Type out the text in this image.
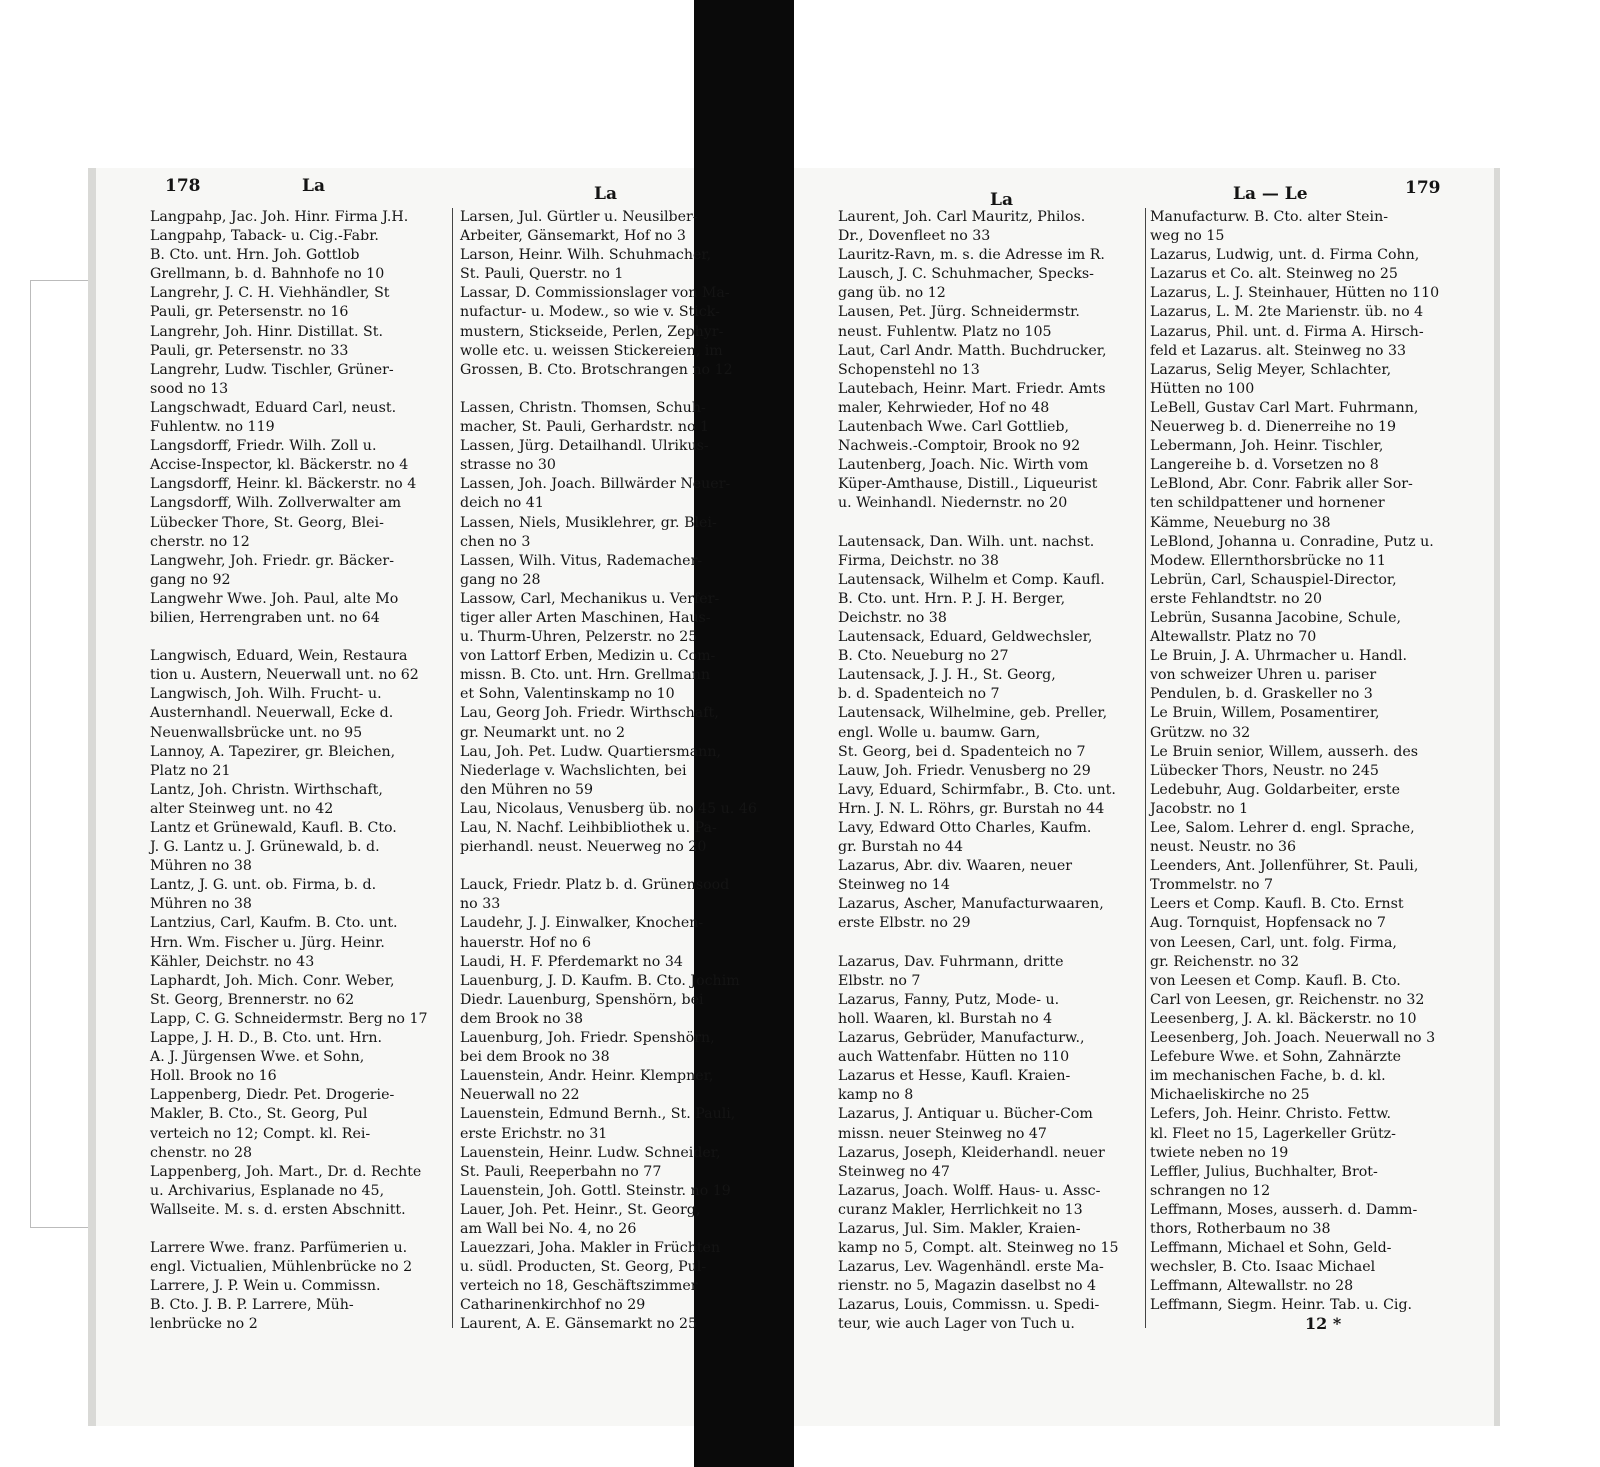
178	La	La	La	La — Le	179
Langpahp, Jac. Joh. Hinr. Firma J.H.
Langpahp, Taback- u. Cig.-Fabr.
B. Cto. unt. Hrn. Joh. Gottlob
Grellmann, b. d. Bahnhofe no 10
Langrehr, J. C. H. Viehhändler, St
Pauli, gr. Petersenstr. no 16
Langrehr, Joh. Hinr. Distillat. St.
Pauli, gr. Petersenstr. no 33
Langrehr, Ludw. Tischler, Grüner-
sood no 13
Langschwadt, Eduard Carl, neust.
Fuhlentw. no 119
Langsdorff, Friedr. Wilh. Zoll u.
Accise-Inspector, kl. Bäckerstr. no 4
Langsdorff, Heinr. kl. Bäckerstr. no 4
Langsdorff, Wilh. Zollverwalter am
Lübecker Thore, St. Georg, Blei-
cherstr. no 12
Langwehr, Joh. Friedr. gr. Bäcker-
gang no 92
Langwehr Wwe. Joh. Paul, alte Mo
bilien, Herrengraben unt. no 64

Langwisch, Eduard, Wein, Restaura
tion u. Austern, Neuerwall unt. no 62
Langwisch, Joh. Wilh. Frucht- u.
Austernhandl. Neuerwall, Ecke d.
Neuenwallsbrücke unt. no 95
Lannoy, A. Tapezirer, gr. Bleichen,
Platz no 21
Lantz, Joh. Christn. Wirthschaft,
alter Steinweg unt. no 42
Lantz et Grünewald, Kaufl. B. Cto.
J. G. Lantz u. J. Grünewald, b. d.
Mühren no 38
Lantz, J. G. unt. ob. Firma, b. d.
Mühren no 38
Lantzius, Carl, Kaufm. B. Cto. unt.
Hrn. Wm. Fischer u. Jürg. Heinr.
Kähler, Deichstr. no 43
Laphardt, Joh. Mich. Conr. Weber,
St. Georg, Brennerstr. no 62
Lapp, C. G. Schneidermstr. Berg no 17
Lappe, J. H. D., B. Cto. unt. Hrn.
A. J. Jürgensen Wwe. et Sohn,
Holl. Brook no 16
Lappenberg, Diedr. Pet. Drogerie-
Makler, B. Cto., St. Georg, Pul
verteich no 12; Compt. kl. Rei-
chenstr. no 28
Lappenberg, Joh. Mart., Dr. d. Rechte
u. Archivarius, Esplanade no 45,
Wallseite. M. s. d. ersten Abschnitt.

Larrere Wwe. franz. Parfümerien u.
engl. Victualien, Mühlenbrücke no 2
Larrere, J. P. Wein u. Commissn.
B. Cto. J. B. P. Larrere, Müh-
lenbrücke no 2
Larsen, Jul. Gürtler u. Neusilber-
Arbeiter, Gänsemarkt, Hof no 3
Larson, Heinr. Wilh. Schuhmacher,
St. Pauli, Querstr. no 1
Lassar, D. Commissionslager von Ma-
nufactur- u. Modew., so wie v. Stick-
mustern, Stickseide, Perlen, Zephyr-
wolle etc. u. weissen Stickereien, im
Grossen, B. Cto. Brotschrangen no 12

Lassen, Christn. Thomsen, Schuh-
macher, St. Pauli, Gerhardstr. no 1
Lassen, Jürg. Detailhandl. Ulrikus-
strasse no 30
Lassen, Joh. Joach. Billwärder Neuer-
deich no 41
Lassen, Niels, Musiklehrer, gr. Blei-
chen no 3
Lassen, Wilh. Vitus, Rademacher-
gang no 28
Lassow, Carl, Mechanikus u. Verfer-
tiger aller Arten Maschinen, Haus-
u. Thurm-Uhren, Pelzerstr. no 25
von Lattorf Erben, Medizin u. Com-
missn. B. Cto. unt. Hrn. Grellmann
et Sohn, Valentinskamp no 10
Lau, Georg Joh. Friedr. Wirthschaft,
gr. Neumarkt unt. no 2
Lau, Joh. Pet. Ludw. Quartiersmann,
Niederlage v. Wachslichten, bei
den Mühren no 59
Lau, Nicolaus, Venusberg üb. no 45 u. 46
Lau, N. Nachf. Leihbibliothek u. Pa-
pierhandl. neust. Neuerweg no 20

Lauck, Friedr. Platz b. d. Grünensood
no 33
Laudehr, J. J. Einwalker, Knochen-
hauerstr. Hof no 6
Laudi, H. F. Pferdemarkt no 34
Lauenburg, J. D. Kaufm. B. Cto. Jochim
Diedr. Lauenburg, Spenshörn, bei
dem Brook no 38
Lauenburg, Joh. Friedr. Spenshörn,
bei dem Brook no 38
Lauenstein, Andr. Heinr. Klempner,
Neuerwall no 22
Lauenstein, Edmund Bernh., St. Pauli,
erste Erichstr. no 31
Lauenstein, Heinr. Ludw. Schneider,
St. Pauli, Reeperbahn no 77
Lauenstein, Joh. Gottl. Steinstr. no 19
Lauer, Joh. Pet. Heinr., St. Georg,
am Wall bei No. 4, no 26
Lauezzari, Joha. Makler in Früchten
u. südl. Producten, St. Georg, Pul-
verteich no 18, Geschäftszimmer
Catharinenkirchhof no 29
Laurent, A. E. Gänsemarkt no 25
Laurent, Joh. Carl Mauritz, Philos.
Dr., Dovenfleet no 33
Lauritz-Ravn, m. s. die Adresse im R.
Lausch, J. C. Schuhmacher, Specks-
gang üb. no 12
Lausen, Pet. Jürg. Schneidermstr.
neust. Fuhlentw. Platz no 105
Laut, Carl Andr. Matth. Buchdrucker,
Schopenstehl no 13
Lautebach, Heinr. Mart. Friedr. Amts
maler, Kehrwieder, Hof no 48
Lautenbach Wwe. Carl Gottlieb,
Nachweis.-Comptoir, Brook no 92
Lautenberg, Joach. Nic. Wirth vom
Küper-Amthause, Distill., Liqueurist
u. Weinhandl. Niedernstr. no 20

Lautensack, Dan. Wilh. unt. nachst.
Firma, Deichstr. no 38
Lautensack, Wilhelm et Comp. Kaufl.
B. Cto. unt. Hrn. P. J. H. Berger,
Deichstr. no 38
Lautensack, Eduard, Geldwechsler,
B. Cto. Neueburg no 27
Lautensack, J. J. H., St. Georg,
b. d. Spadenteich no 7
Lautensack, Wilhelmine, geb. Preller,
engl. Wolle u. baumw. Garn,
St. Georg, bei d. Spadenteich no 7
Lauw, Joh. Friedr. Venusberg no 29
Lavy, Eduard, Schirmfabr., B. Cto. unt.
Hrn. J. N. L. Röhrs, gr. Burstah no 44
Lavy, Edward Otto Charles, Kaufm.
gr. Burstah no 44
Lazarus, Abr. div. Waaren, neuer
Steinweg no 14
Lazarus, Ascher, Manufacturwaaren,
erste Elbstr. no 29

Lazarus, Dav. Fuhrmann, dritte
Elbstr. no 7
Lazarus, Fanny, Putz, Mode- u.
holl. Waaren, kl. Burstah no 4
Lazarus, Gebrüder, Manufacturw.,
auch Wattenfabr. Hütten no 110
Lazarus et Hesse, Kaufl. Kraien-
kamp no 8
Lazarus, J. Antiquar u. Bücher-Com
missn. neuer Steinweg no 47
Lazarus, Joseph, Kleiderhandl. neuer
Steinweg no 47
Lazarus, Joach. Wolff. Haus- u. Assc-
curanz Makler, Herrlichkeit no 13
Lazarus, Jul. Sim. Makler, Kraien-
kamp no 5, Compt. alt. Steinweg no 15
Lazarus, Lev. Wagenhändl. erste Ma-
rienstr. no 5, Magazin daselbst no 4
Lazarus, Louis, Commissn. u. Spedi-
teur, wie auch Lager von Tuch u.
Manufacturw. B. Cto. alter Stein-
weg no 15
Lazarus, Ludwig, unt. d. Firma Cohn,
Lazarus et Co. alt. Steinweg no 25
Lazarus, L. J. Steinhauer, Hütten no 110
Lazarus, L. M. 2te Marienstr. üb. no 4
Lazarus, Phil. unt. d. Firma A. Hirsch-
feld et Lazarus. alt. Steinweg no 33
Lazarus, Selig Meyer, Schlachter,
Hütten no 100
LeBell, Gustav Carl Mart. Fuhrmann,
Neuerweg b. d. Dienerreihe no 19
Lebermann, Joh. Heinr. Tischler,
Langereihe b. d. Vorsetzen no 8
LeBlond, Abr. Conr. Fabrik aller Sor-
ten schildpattener und hornener
Kämme, Neueburg no 38
LeBlond, Johanna u. Conradine, Putz u.
Modew. Ellernthorsbrücke no 11
Lebrün, Carl, Schauspiel-Director,
erste Fehlandtstr. no 20
Lebrün, Susanna Jacobine, Schule,
Altewallstr. Platz no 70
Le Bruin, J. A. Uhrmacher u. Handl.
von schweizer Uhren u. pariser
Pendulen, b. d. Graskeller no 3
Le Bruin, Willem, Posamentirer,
Grützw. no 32
Le Bruin senior, Willem, ausserh. des
Lübecker Thors, Neustr. no 245
Ledebuhr, Aug. Goldarbeiter, erste
Jacobstr. no 1
Lee, Salom. Lehrer d. engl. Sprache,
neust. Neustr. no 36
Leenders, Ant. Jollenführer, St. Pauli,
Trommelstr. no 7
Leers et Comp. Kaufl. B. Cto. Ernst
Aug. Tornquist, Hopfensack no 7
von Leesen, Carl, unt. folg. Firma,
gr. Reichenstr. no 32
von Leesen et Comp. Kaufl. B. Cto.
Carl von Leesen, gr. Reichenstr. no 32
Leesenberg, J. A. kl. Bäckerstr. no 10
Leesenberg, Joh. Joach. Neuerwall no 3
Lefebure Wwe. et Sohn, Zahnärzte
im mechanischen Fache, b. d. kl.
Michaeliskirche no 25
Lefers, Joh. Heinr. Christo. Fettw.
kl. Fleet no 15, Lagerkeller Grütz-
twiete neben no 19
Leffler, Julius, Buchhalter, Brot-
schrangen no 12
Leffmann, Moses, ausserh. d. Damm-
thors, Rotherbaum no 38
Leffmann, Michael et Sohn, Geld-
wechsler, B. Cto. Isaac Michael
Leffmann, Altewallstr. no 28
Leffmann, Siegm. Heinr. Tab. u. Cig.
12 *
